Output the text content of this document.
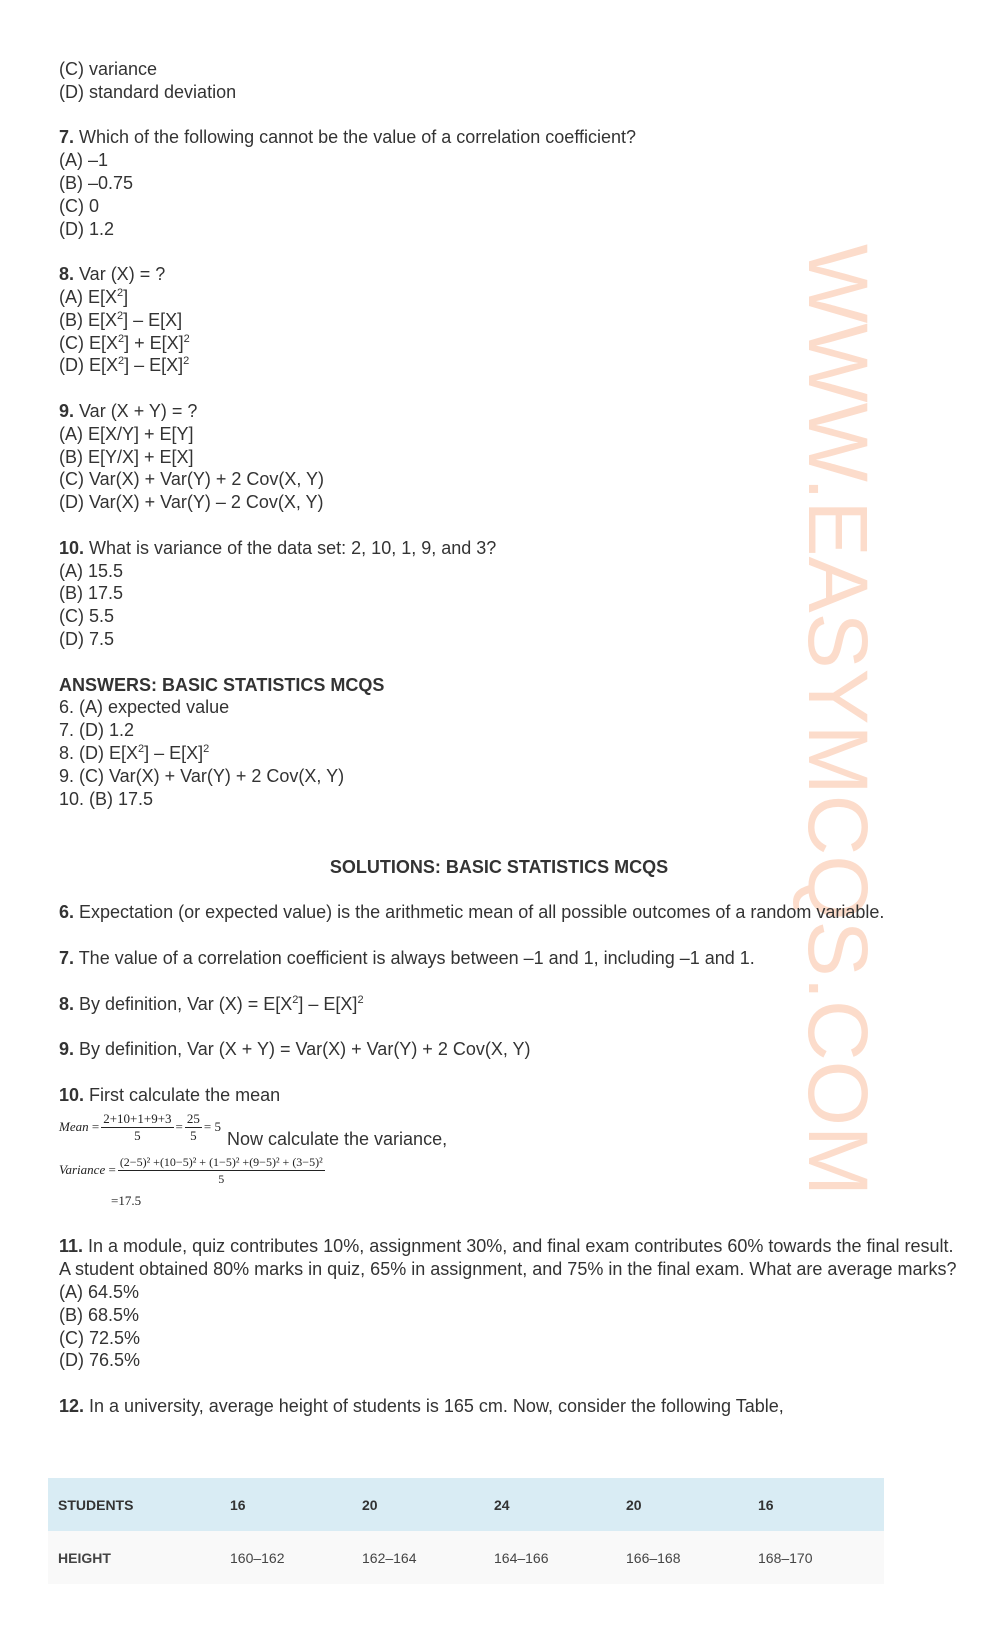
WWW.EASYMCQS.COM
(C) variance
(D) standard deviation
7. Which of the following cannot be the value of a correlation coefficient?
(A) –1
(B) –0.75
(C) 0
(D) 1.2
8. Var (X) = ?
(A) $E[X^2]$
(B) $E[X^2] - E[X]$
(C) $E[X^2] + E[X]^2$
(D) $E[X^2] - E[X]^2$
9. Var (X + Y) = ?
(A) E[X/Y] + E[Y]
(B) E[Y/X] + E[X]
(C) Var(X) + Var(Y) + 2 Cov(X, Y)
(D) Var(X) + Var(Y) – 2 Cov(X, Y)
10. What is variance of the data set: 2, 10, 1, 9, and 3?
(A) 15.5
(B) 17.5
(C) 5.5
(D) 7.5
ANSWERS: BASIC STATISTICS MCQS
6. (A) expected value
7. (D) 1.2
8. (D) $E[X^2] - E[X]^2$
9. (C) Var(X) + Var(Y) + 2 Cov(X, Y)
10. (B) 17.5
SOLUTIONS: BASIC STATISTICS MCQS
6. Expectation (or expected value) is the arithmetic mean of all possible outcomes of a random variable.
7. The value of a correlation coefficient is always between –1 and 1, including –1 and 1.
8. By definition, Var $(X) = E[X^2] - E[X]^2$
9. By definition, Var (X + Y) = Var(X) + Var(Y) + 2 Cov(X, Y)
10. First calculate the mean
Mean = $\frac{2+10+1+9+3}{5} = \frac{25}{5} = 5$
Now calculate the variance,
Variance = $\frac{\text{(2−5)² +(10−5)² + (1−5)² +(9−5)² + (3−5)²}}{5}$
=17.5
11. In a module, quiz contributes 10%, assignment 30%, and final exam contributes 60% towards the final result. A student obtained 80% marks in quiz, 65% in assignment, and 75% in the final exam. What are average marks?
(A) 64.5%
(B) 68.5%
(C) 72.5%
(D) 76.5%
12. In a university, average height of students is 165 cm. Now, consider the following Table,
STUDENTS	16	20	24	20	16
HEIGHT	160–162	162–164	164–166	166–168	168–170
